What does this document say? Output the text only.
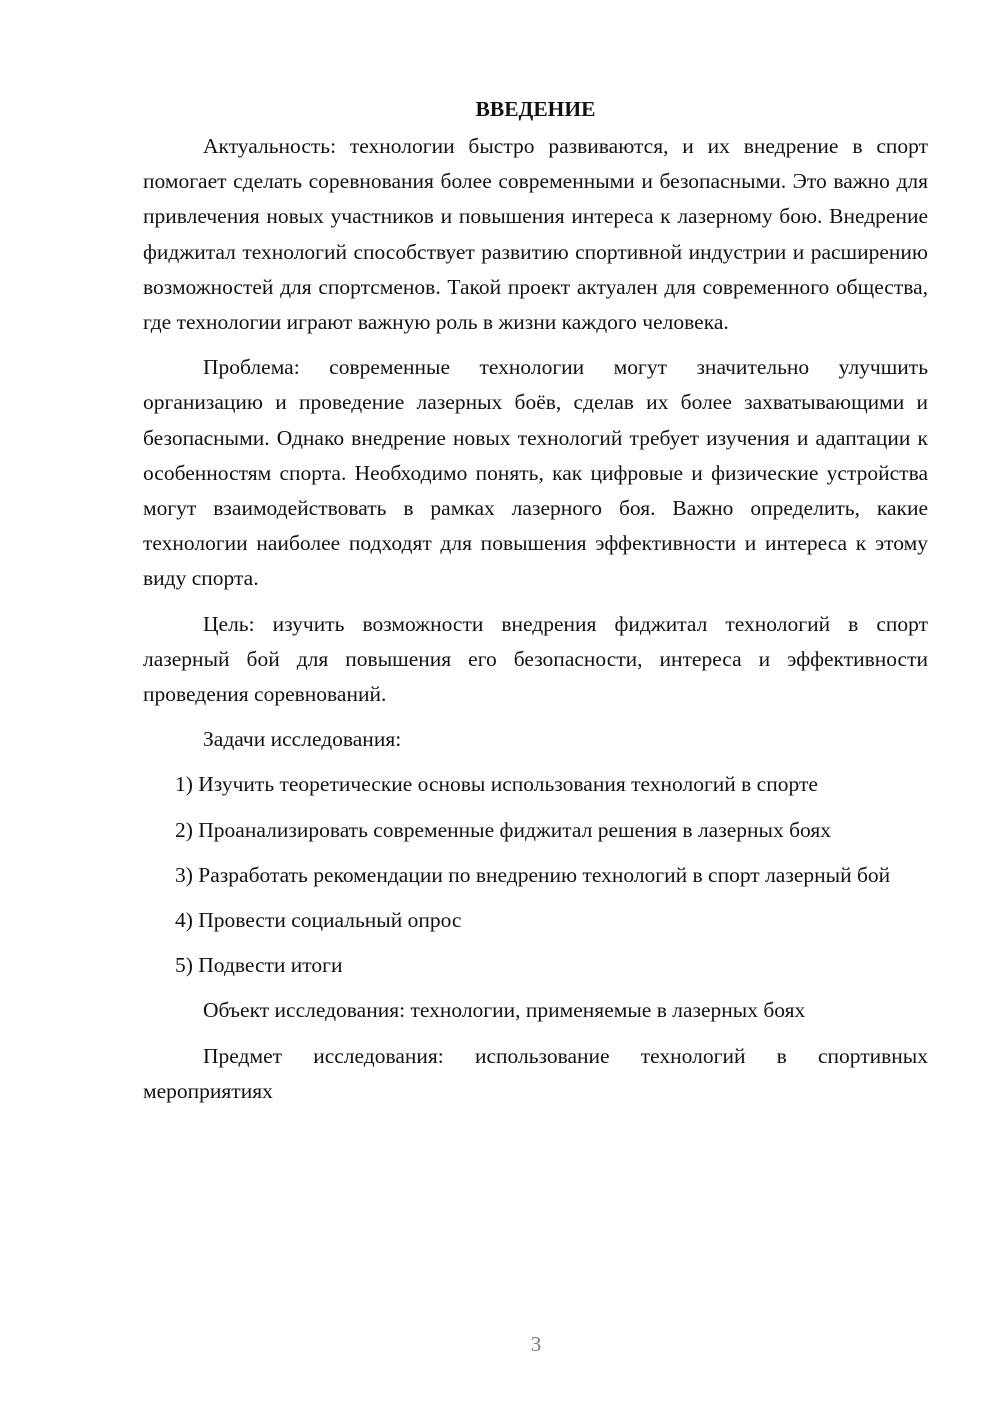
ВВЕДЕНИЕ

Актуальность: технологии быстро развиваются, и их внедрение в спорт помогает сделать соревнования более современными и безопасными. Это важно для привлечения новых участников и повышения интереса к лазерному бою. Внедрение фиджитал технологий способствует развитию спортивной индустрии и расширению возможностей для спортсменов. Такой проект актуален для современного общества, где технологии играют важную роль в жизни каждого человека.

Проблема: современные технологии могут значительно улучшить организацию и проведение лазерных боёв, сделав их более захватывающими и безопасными. Однако внедрение новых технологий требует изучения и адаптации к особенностям спорта. Необходимо понять, как цифровые и физические устройства могут взаимодействовать в рамках лазерного боя. Важно определить, какие технологии наиболее подходят для повышения эффективности и интереса к этому виду спорта.

Цель: изучить возможности внедрения фиджитал технологий в спорт лазерный бой для повышения его безопасности, интереса и эффективности проведения соревнований.

Задачи исследования:

1) Изучить теоретические основы использования технологий в спорте

2) Проанализировать современные фиджитал решения в лазерных боях

3) Разработать рекомендации по внедрению технологий в спорт лазерный бой

4) Провести социальный опрос

5) Подвести итоги

Объект исследования: технологии, применяемые в лазерных боях

Предмет исследования: использование технологий в спортивных мероприятиях

3
